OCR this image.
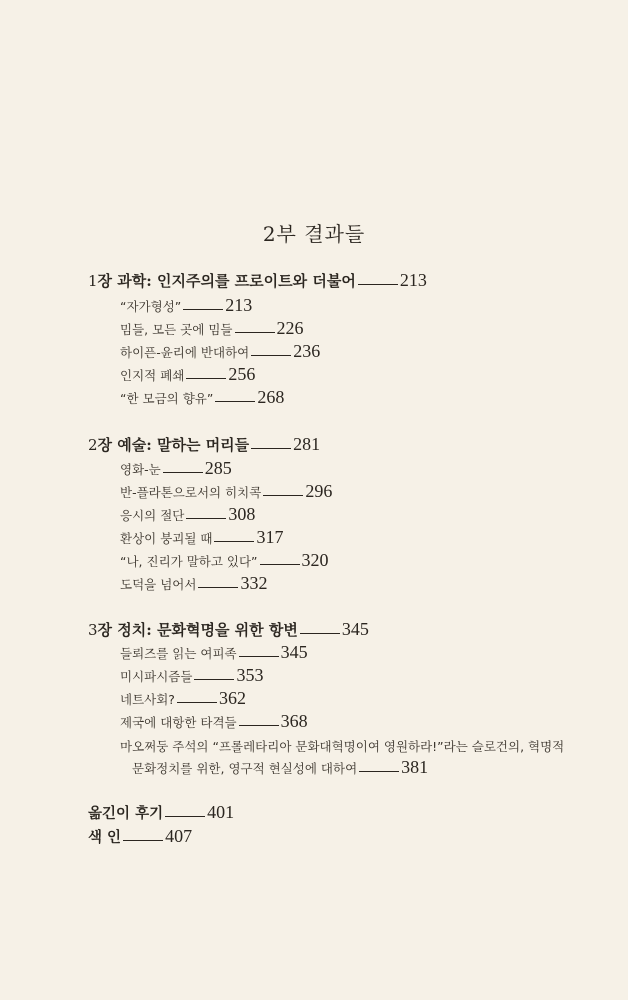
2부 결과들
1 장 과학: 인지주의를 프로이트와 더불어 213
“자가형성” 213
밈들, 모든 곳에 밈들 226
하이픈-윤리에 반대하여 236
인지적 폐쇄 256
“한 모금의 향유” 268
2 장 예술: 말하는 머리들 281
영화-눈 285
반-플라톤으로서의 히치콕 296
응시의 절단 308
환상이 붕괴될 때 317
“나, 진리가 말하고 있다” 320
도덕을 넘어서 332
3 장 정치: 문화혁명을 위한 항변 345
들뢰즈를 읽는 여피족 345
미시파시즘들 353
네트사회? 362
제국에 대항한 타격들 368
마오쩌둥 주석의 “프롤레타리아 문화대혁명이여 영원하라!”라는 슬로건의, 혁명적
문화정치를 위한, 영구적 현실성에 대하여 381
옮긴이 후기 401
색 인 407
